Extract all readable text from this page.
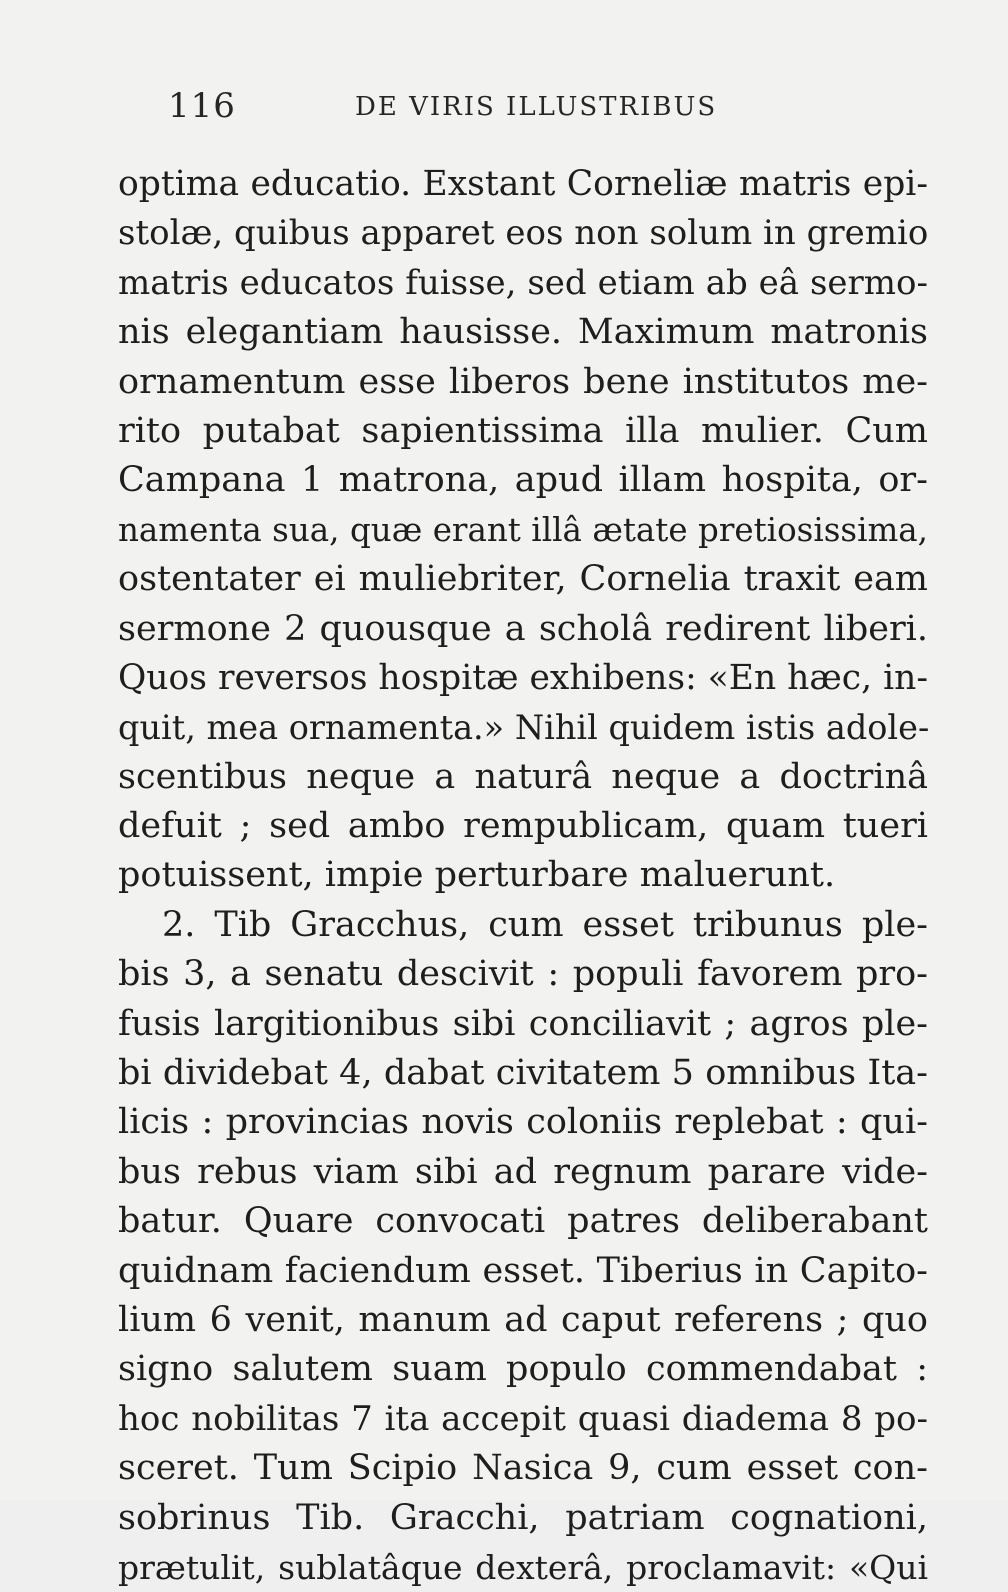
116	DE VIRIS ILLUSTRIBUS
optima educatio. Exstant Corneliæ matris epi-
stolæ, quibus apparet eos non solum in gremio
matris educatos fuisse, sed etiam ab eâ sermo-
nis elegantiam hausisse. Maximum matronis
ornamentum esse liberos bene institutos me-
rito putabat sapientissima illa mulier. Cum
Campana 1 matrona, apud illam hospita, or-
namenta sua, quæ erant illâ ætate pretiosissima,
ostentater ei muliebriter, Cornelia traxit eam
sermone 2 quousque a scholâ redirent liberi.
Quos reversos hospitæ exhibens: «En hæc, in-
quit, mea ornamenta.» Nihil quidem istis adole-
scentibus neque a naturâ neque a doctrinâ
defuit ; sed ambo rempublicam, quam tueri
potuissent, impie perturbare maluerunt.
2. Tib Gracchus, cum esset tribunus ple-
bis 3, a senatu descivit : populi favorem pro-
fusis largitionibus sibi conciliavit ; agros ple-
bi dividebat 4, dabat civitatem 5 omnibus Ita-
licis : provincias novis coloniis replebat : qui-
bus rebus viam sibi ad regnum parare vide-
batur. Quare convocati patres deliberabant
quidnam faciendum esset. Tiberius in Capito-
lium 6 venit, manum ad caput referens ; quo
signo salutem suam populo commendabat :
hoc nobilitas 7 ita accepit quasi diadema 8 po-
sceret. Tum Scipio Nasica 9, cum esset con-
sobrinus Tib. Gracchi, patriam cognationi,
prætulit, sublatâque dexterâ, proclamavit: «Qui
